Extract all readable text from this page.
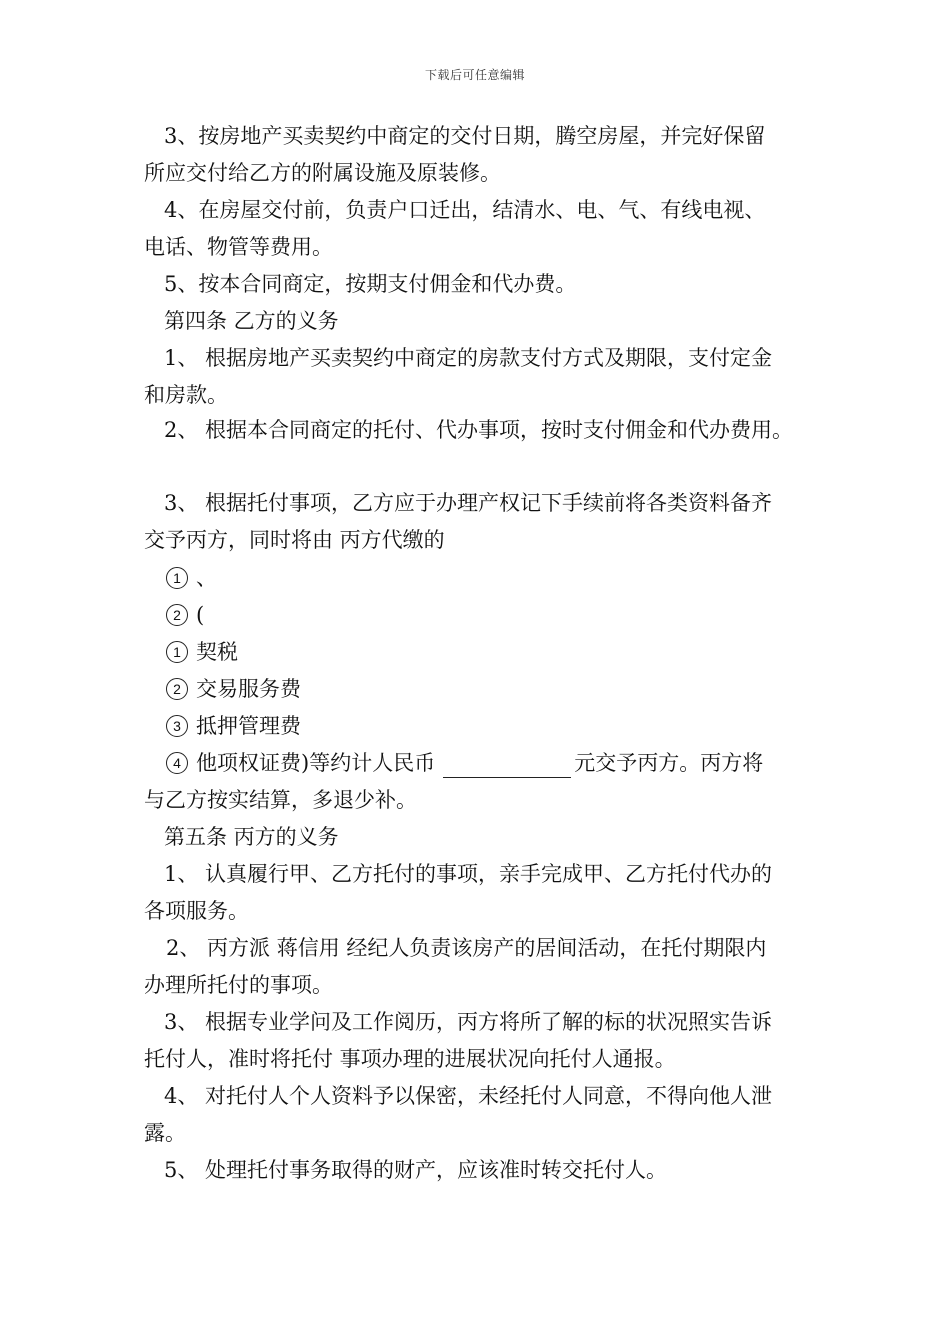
下载后可任意编辑
3、按房地产买卖契约中商定的交付日期，腾空房屋，并完好保留
所应交付给乙方的附属设施及原装修。
4、在房屋交付前，负责户口迁出，结清水、电、气、有线电视、
电话、物管等费用。
5、按本合同商定，按期支付佣金和代办费。
第四条 乙方的义务
1、 根据房地产买卖契约中商定的房款支付方式及期限，支付定金
和房款。
2、 根据本合同商定的托付、代办事项，按时支付佣金和代办费用。
3、 根据托付事项，乙方应于办理产权记下手续前将各类资料备齐
交予丙方，同时将由 丙方代缴的
1 、
2 (
1 契税
2 交易服务费
3 抵押管理费
4 他项权证费)等约计人民币	元交予丙方。丙方将
与乙方按实结算，多退少补。
第五条 丙方的义务
1、 认真履行甲、乙方托付的事项，亲手完成甲、乙方托付代办的
各项服务。
2、 丙方派 蒋信用 经纪人负责该房产的居间活动，在托付期限内
办理所托付的事项。
3、 根据专业学问及工作阅历，丙方将所了解的标的状况照实告诉
托付人，准时将托付 事项办理的进展状况向托付人通报。
4、 对托付人个人资料予以保密，未经托付人同意，不得向他人泄
露。
5、 处理托付事务取得的财产，应该准时转交托付人。
